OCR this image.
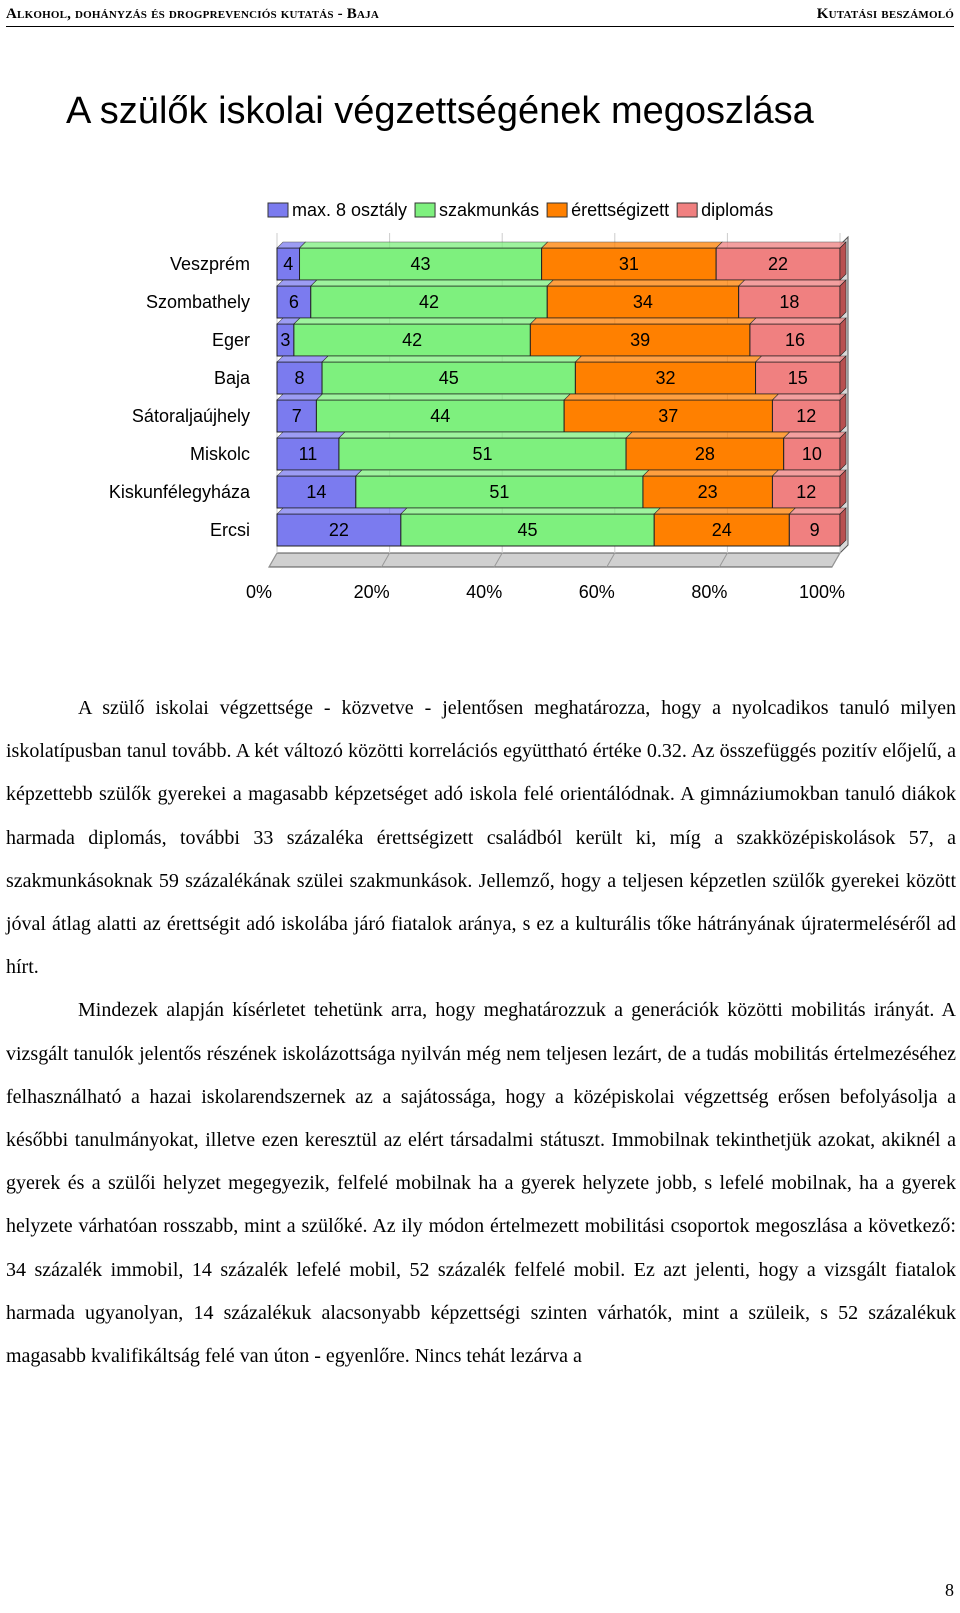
Alkohol, dohányzás és drogprevenciós kutatás - Baja	Kutatási beszámoló
A szülők iskolai végzettségének megoszlása
0%	20%	40%	60%	80%	100%
max. 8 osztály szakmunkás érettségizett diplomás
Veszprém 4	43	31	22
Szombathely 6	42	34	18
Eger 3	42	39	16
Baja 8	45	32	15
Sátoraljaújhely 7	44	37	12
Miskolc	11	51	28	10
Kiskunfélegyháza	14	51	23	12
Ercsi	22	45	24	9

A szülő iskolai végzettsége - közvetve - jelentősen meghatározza, hogy a nyolcadikos tanuló milyen iskolatípusban tanul tovább. A két változó közötti korrelációs együttható értéke 0.32. Az összefüggés pozitív előjelű, a képzettebb szülők gyerekei a magasabb képzetséget adó iskola felé orientálódnak. A gimnáziumokban tanuló diákok harmada diplomás, további 33 százaléka érettségizett családból került ki, míg a szakközépiskolások 57, a szakmunkásoknak 59 százalékának szülei szakmunkások. Jellemző, hogy a teljesen képzetlen szülők gyerekei között jóval átlag alatti az érettségit adó iskolába járó fiatalok aránya, s ez a kulturális tőke hátrányának újratermeléséről ad hírt.

Mindezek alapján kísérletet tehetünk arra, hogy meghatározzuk a generációk közötti mobilitás irányát. A vizsgált tanulók jelentős részének iskolázottsága nyilván még nem teljesen lezárt, de a tudás mobilitás értelmezéséhez felhasználható a hazai iskolarendszernek az a sajátossága, hogy a középiskolai végzettség erősen befolyásolja a későbbi tanulmányokat, illetve ezen keresztül az elért társadalmi státuszt. Immobilnak tekinthetjük azokat, akiknél a gyerek és a szülői helyzet megegyezik, felfelé mobilnak ha a gyerek helyzete jobb, s lefelé mobilnak, ha a gyerek helyzete várhatóan rosszabb, mint a szülőké. Az ily módon értelmezett mobilitási csoportok megoszlása a következő: 34 százalék immobil, 14 százalék lefelé mobil, 52 százalék felfelé mobil. Ez azt jelenti, hogy a vizsgált fiatalok harmada ugyanolyan, 14 százalékuk alacsonyabb képzettségi szinten várhatók, mint a szüleik, s 52 százalékuk magasabb kvalifikáltság felé van úton - egyenlőre. Nincs tehát lezárva a

8
